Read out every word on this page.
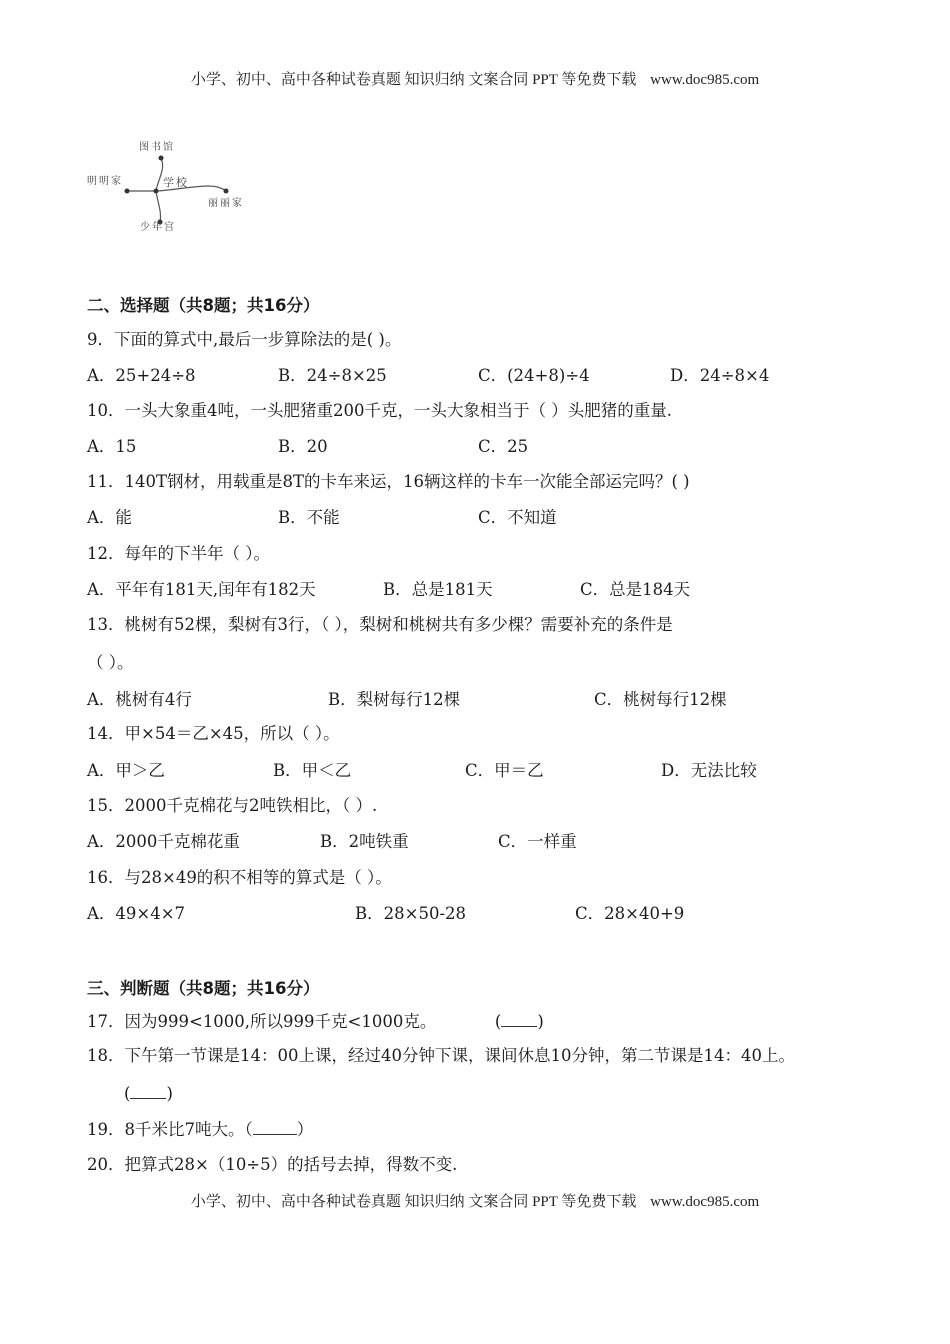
小学、初中、高中各种试卷真题 知识归纳 文案合同 PPT 等免费下载 www.doc985.com
图书馆
明明家	学校
丽丽家
少年宫
二、选择题（共8题；共16分）
9．下面的算式中,最后一步算除法的是( )。
A．25+24÷8	B．24÷8×25	C．(24+8)÷4	D．24÷8×4
10．一头大象重4吨，一头肥猪重200千克，一头大象相当于（ ）头肥猪的重量.
A．15	B．20	C．25
11．140T钢材，用载重是8T的卡车来运，16辆这样的卡车一次能全部运完吗？( )
A．能	B．不能	C．不知道
12．每年的下半年（ ）。
A．平年有181天,闰年有182天	B．总是181天	C．总是184天
13．桃树有52棵，梨树有3行，（ ），梨树和桃树共有多少棵？需要补充的条件是
（ ）。
A．桃树有4行	B．梨树每行12棵	C．桃树每行12棵
14．甲×54＝乙×45，所以（ ）。
A．甲＞乙	B．甲＜乙	C．甲＝乙	D．无法比较
15．2000千克棉花与2吨铁相比，（ ）.
A．2000千克棉花重	B．2吨铁重	C．一样重
16．与28×49的积不相等的算式是（ ）。
A．49×4×7	B．28×50-28	C．28×40+9
三、判断题（共8题；共16分）
17．因为999<1000,所以999千克<1000克。	( )
18．下午第一节课是14：00上课，经过40分钟下课，课间休息10分钟，第二节课是14：40上。
( )
19．8千米比7吨大。（	）
20．把算式28×（10÷5）的括号去掉，得数不变.
小学、初中、高中各种试卷真题 知识归纳 文案合同 PPT 等免费下载 www.doc985.com
